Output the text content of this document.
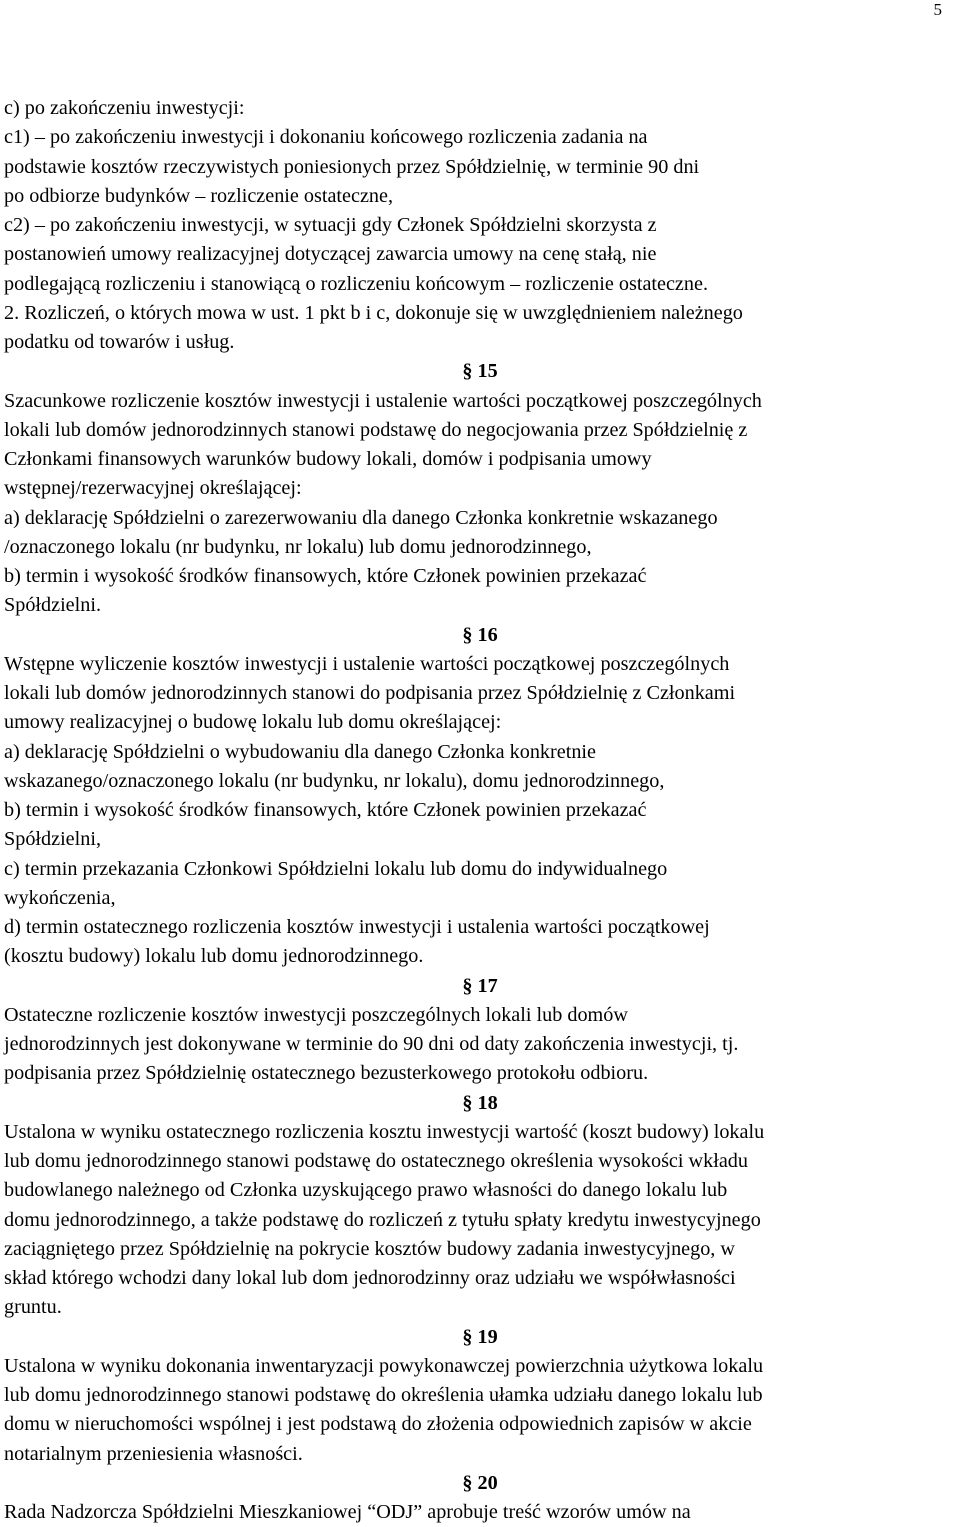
5
c) po zakończeniu inwestycji:
c1) – po zakończeniu inwestycji i dokonaniu końcowego rozliczenia zadania na
podstawie kosztów rzeczywistych poniesionych przez Spółdzielnię, w terminie 90 dni
po odbiorze budynków – rozliczenie ostateczne,
c2) – po zakończeniu inwestycji, w sytuacji gdy Członek Spółdzielni skorzysta z
postanowień umowy realizacyjnej dotyczącej zawarcia umowy na cenę stałą, nie
podlegającą rozliczeniu i stanowiącą o rozliczeniu końcowym – rozliczenie ostateczne.
2. Rozliczeń, o których mowa w ust. 1 pkt b i c, dokonuje się w uwzględnieniem należnego
podatku od towarów i usług.
§ 15
Szacunkowe rozliczenie kosztów inwestycji i ustalenie wartości początkowej poszczególnych
lokali lub domów jednorodzinnych stanowi podstawę do negocjowania przez Spółdzielnię z
Członkami finansowych warunków budowy lokali, domów i podpisania umowy
wstępnej/rezerwacyjnej określającej:
a) deklarację Spółdzielni o zarezerwowaniu dla danego Członka konkretnie wskazanego
/oznaczonego lokalu (nr budynku, nr lokalu) lub domu jednorodzinnego,
b) termin i wysokość środków finansowych, które Członek powinien przekazać
Spółdzielni.
§ 16
Wstępne wyliczenie kosztów inwestycji i ustalenie wartości początkowej poszczególnych
lokali lub domów jednorodzinnych stanowi do podpisania przez Spółdzielnię z Członkami
umowy realizacyjnej o budowę lokalu lub domu określającej:
a) deklarację Spółdzielni o wybudowaniu dla danego Członka konkretnie
wskazanego/oznaczonego lokalu (nr budynku, nr lokalu), domu jednorodzinnego,
b) termin i wysokość środków finansowych, które Członek powinien przekazać
Spółdzielni,
c) termin przekazania Członkowi Spółdzielni lokalu lub domu do indywidualnego
wykończenia,
d) termin ostatecznego rozliczenia kosztów inwestycji i ustalenia wartości początkowej
(kosztu budowy) lokalu lub domu jednorodzinnego.
§ 17
Ostateczne rozliczenie kosztów inwestycji poszczególnych lokali lub domów
jednorodzinnych jest dokonywane w terminie do 90 dni od daty zakończenia inwestycji, tj.
podpisania przez Spółdzielnię ostatecznego bezusterkowego protokołu odbioru.
§ 18
Ustalona w wyniku ostatecznego rozliczenia kosztu inwestycji wartość (koszt budowy) lokalu
lub domu jednorodzinnego stanowi podstawę do ostatecznego określenia wysokości wkładu
budowlanego należnego od Członka uzyskującego prawo własności do danego lokalu lub
domu jednorodzinnego, a także podstawę do rozliczeń z tytułu spłaty kredytu inwestycyjnego
zaciągniętego przez Spółdzielnię na pokrycie kosztów budowy zadania inwestycyjnego, w
skład którego wchodzi dany lokal lub dom jednorodzinny oraz udziału we współwłasności
gruntu.
§ 19
Ustalona w wyniku dokonania inwentaryzacji powykonawczej powierzchnia użytkowa lokalu
lub domu jednorodzinnego stanowi podstawę do określenia ułamka udziału danego lokalu lub
domu w nieruchomości wspólnej i jest podstawą do złożenia odpowiednich zapisów w akcie
notarialnym przeniesienia własności.
§ 20
Rada Nadzorcza Spółdzielni Mieszkaniowej “ODJ” aprobuje treść wzorów umów na
